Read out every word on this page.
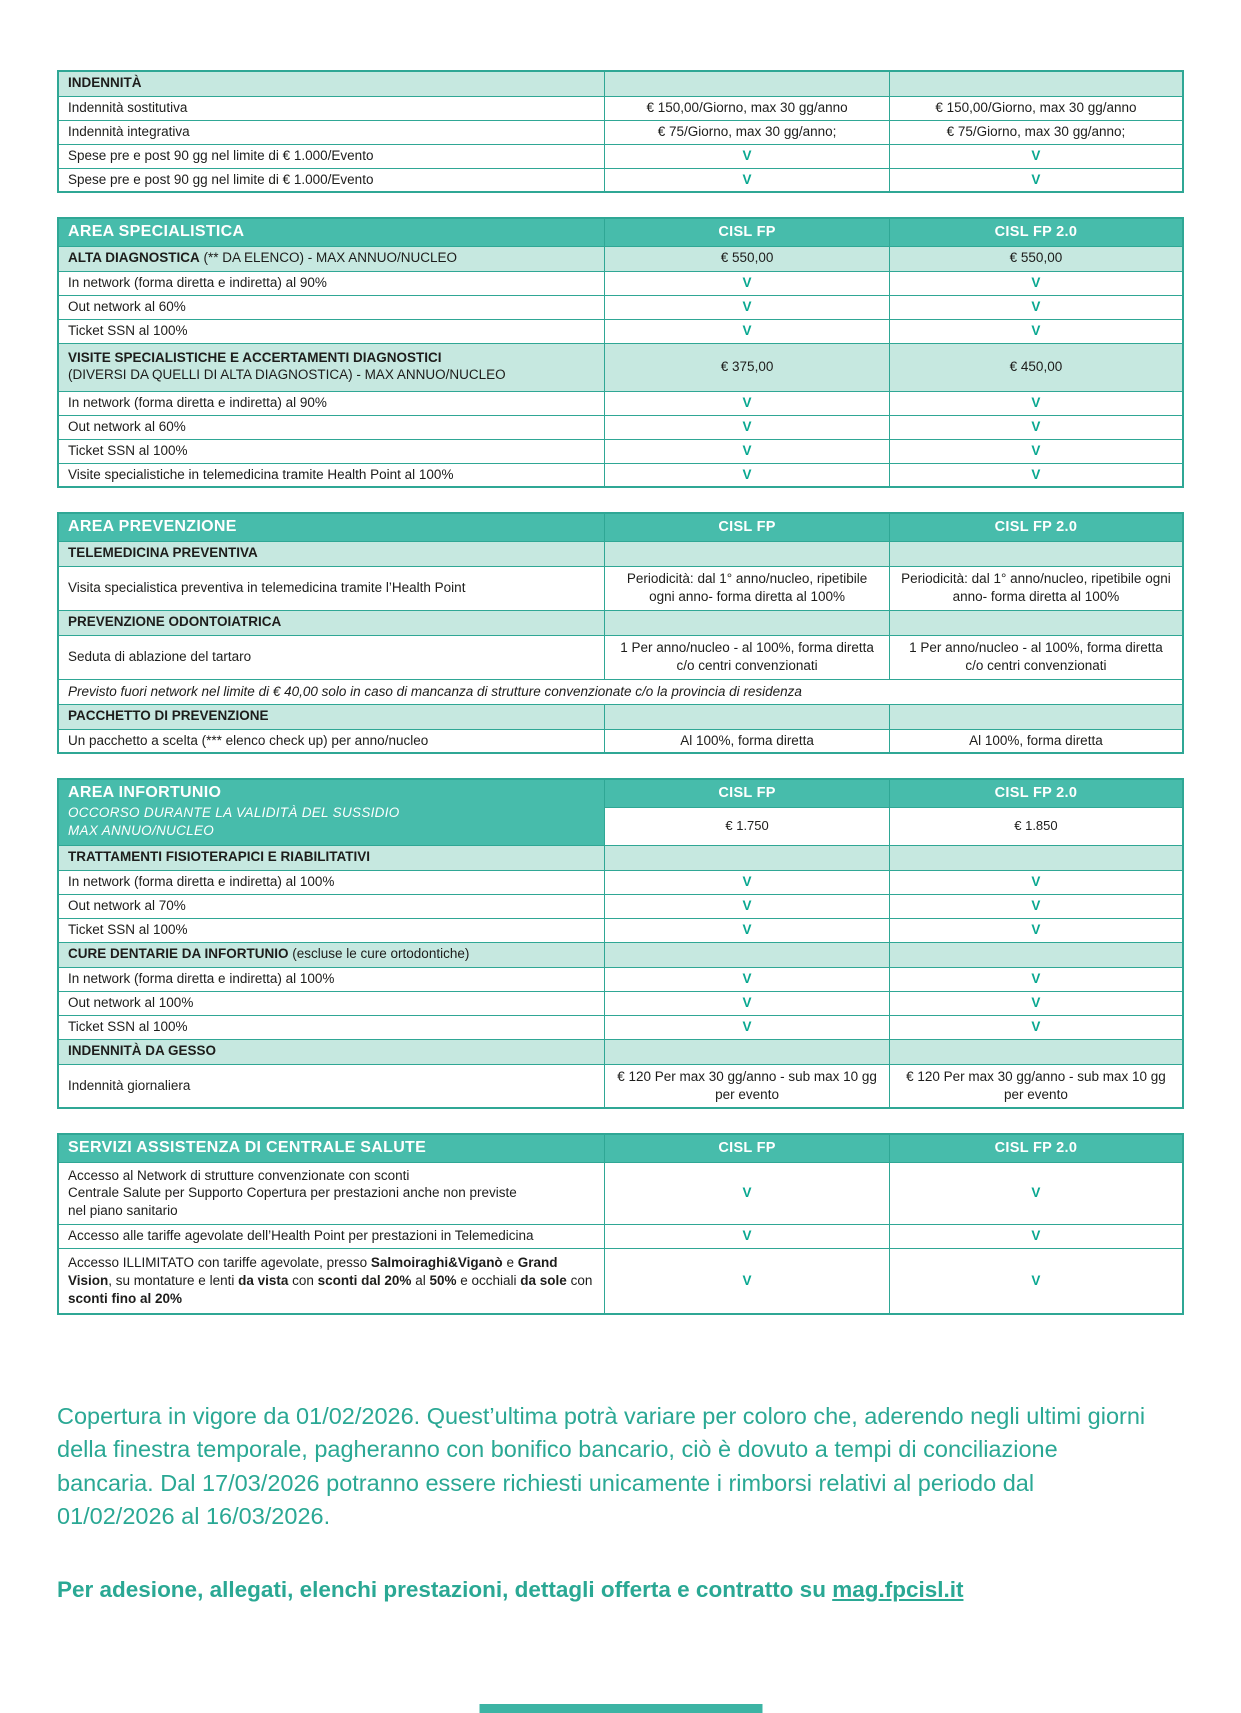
INDENNITÀ		
Indennità sostitutiva	€ 150,00/Giorno, max 30 gg/anno	€ 150,00/Giorno, max 30 gg/anno
Indennità integrativa	€ 75/Giorno, max 30 gg/anno;	€ 75/Giorno, max 30 gg/anno;
Spese pre e post 90 gg nel limite di € 1.000/Evento	V	V
Spese pre e post 90 gg nel limite di € 1.000/Evento	V	V
AREA SPECIALISTICA	CISL FP	CISL FP 2.0
ALTA DIAGNOSTICA (** DA ELENCO) - MAX ANNUO/NUCLEO	€ 550,00	€ 550,00
In network (forma diretta e indiretta) al 90%	V	V
Out network al 60%	V	V
Ticket SSN al 100%	V	V
VISITE SPECIALISTICHE E ACCERTAMENTI DIAGNOSTICI
(DIVERSI DA QUELLI DI ALTA DIAGNOSTICA) - MAX ANNUO/NUCLEO	€ 375,00	€ 450,00
In network (forma diretta e indiretta) al 90%	V	V
Out network al 60%	V	V
Ticket SSN al 100%	V	V
Visite specialistiche in telemedicina tramite Health Point al 100%	V	V
AREA PREVENZIONE	CISL FP	CISL FP 2.0
TELEMEDICINA PREVENTIVA		
Visita specialistica preventiva in telemedicina tramite l’Health Point	Periodicità: dal 1° anno/nucleo, ripetibile ogni anno- forma diretta al 100%	Periodicità: dal 1° anno/nucleo, ripetibile ogni anno- forma diretta al 100%
PREVENZIONE ODONTOIATRICA		
Seduta di ablazione del tartaro	1 Per anno/nucleo - al 100%, forma diretta c/o centri convenzionati	1 Per anno/nucleo - al 100%, forma diretta c/o centri convenzionati
Previsto fuori network nel limite di € 40,00 solo in caso di mancanza di strutture convenzionate c/o la provincia di residenza		
PACCHETTO DI PREVENZIONE		
Un pacchetto a scelta (*** elenco check up) per anno/nucleo	Al 100%, forma diretta	Al 100%, forma diretta
AREA INFORTUNIO
OCCORSO DURANTE LA VALIDITÀ DEL SUSSIDIO
MAX ANNUO/NUCLEO	CISL FP	CISL FP 2.0
	€ 1.750	€ 1.850
TRATTAMENTI FISIOTERAPICI E RIABILITATIVI		
In network (forma diretta e indiretta) al 100%	V	V
Out network al 70%	V	V
Ticket SSN al 100%	V	V
CURE DENTARIE DA INFORTUNIO (escluse le cure ortodontiche)		
In network (forma diretta e indiretta) al 100%	V	V
Out network al 100%	V	V
Ticket SSN al 100%	V	V
INDENNITÀ DA GESSO		
Indennità giornaliera	€ 120 Per max 30 gg/anno - sub max 10 gg per evento	€ 120 Per max 30 gg/anno - sub max 10 gg per evento
SERVIZI ASSISTENZA DI CENTRALE SALUTE	CISL FP	CISL FP 2.0
Accesso al Network di strutture convenzionate con sconti
Centrale Salute per Supporto Copertura per prestazioni anche non previste
nel piano sanitario	V	V
Accesso alle tariffe agevolate dell’Health Point per prestazioni in Telemedicina	V	V
Accesso ILLIMITATO con tariffe agevolate, presso Salmoiraghi&Viganò e Grand Vision, su montature e lenti da vista con sconti dal 20% al 50% e occhiali da sole con sconti fino al 20%	V	V
Copertura in vigore da 01/02/2026. Quest’ultima potrà variare per coloro che, aderendo negli ultimi giorni della finestra temporale, pagheranno con bonifico bancario, ciò è dovuto a tempi di conciliazione bancaria. Dal 17/03/2026 potranno essere richiesti unicamente i rimborsi relativi al periodo dal 01/02/2026 al 16/03/2026.
Per adesione, allegati, elenchi prestazioni, dettagli offerta e contratto su mag.fpcisl.it
